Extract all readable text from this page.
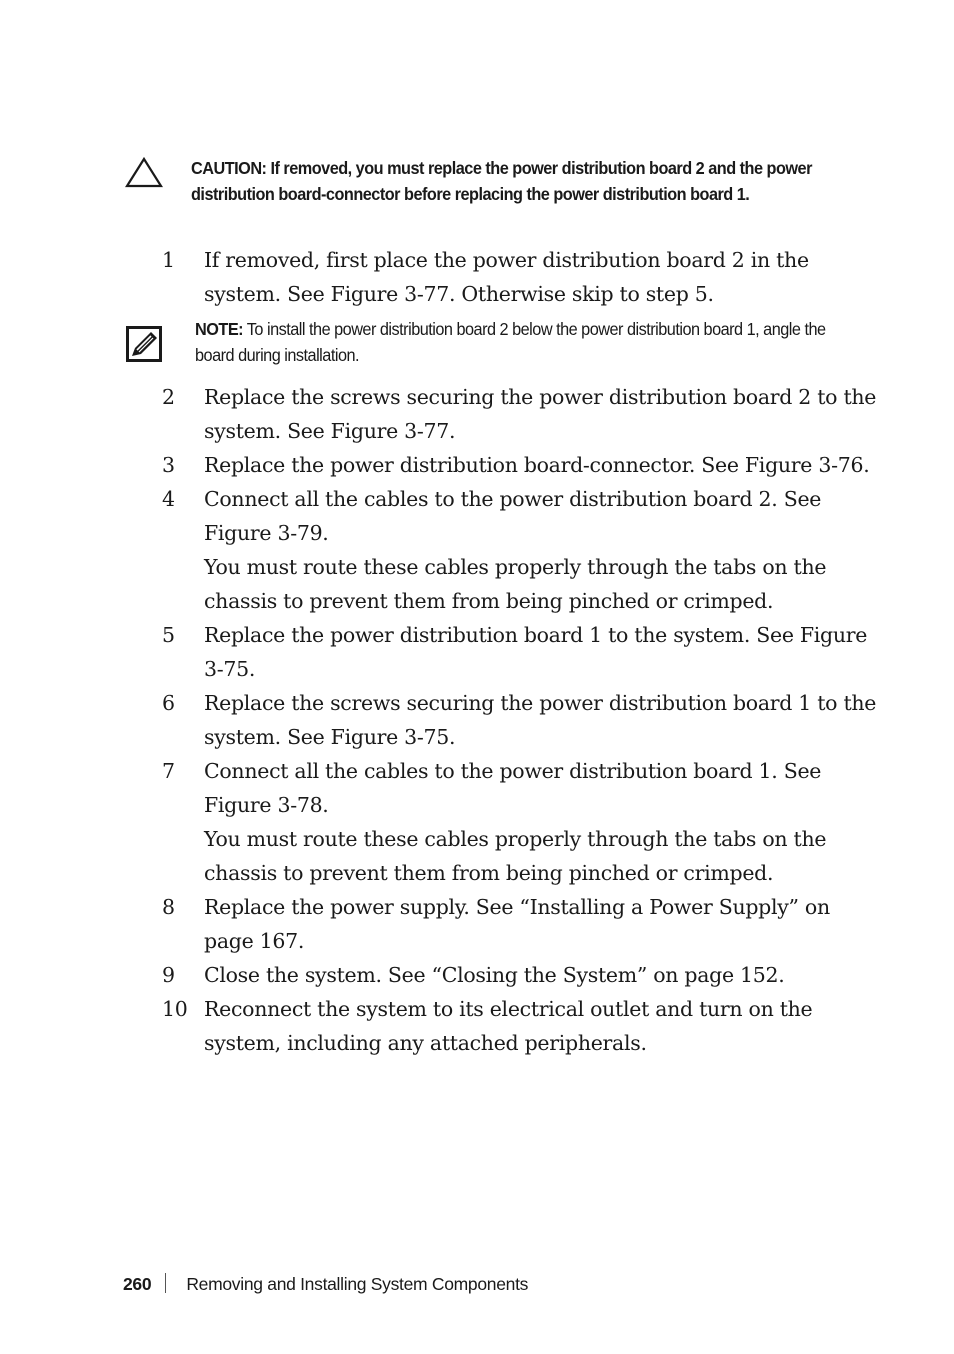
CAUTION: If removed, you must replace the power distribution board 2 and the power distribution board-connector before replacing the power distribution board 1.
1 If removed, first place the power distribution board 2 in the system. See Figure 3-77. Otherwise skip to step 5.
NOTE: To install the power distribution board 2 below the power distribution board 1, angle the board during installation.
2 Replace the screws securing the power distribution board 2 to the system. See Figure 3-77.
3 Replace the power distribution board-connector. See Figure 3-76.
4 Connect all the cables to the power distribution board 2. See Figure 3-79.
You must route these cables properly through the tabs on the chassis to prevent them from being pinched or crimped.
5 Replace the power distribution board 1 to the system. See Figure 3-75.
6 Replace the screws securing the power distribution board 1 to the system. See Figure 3-75.
7 Connect all the cables to the power distribution board 1. See Figure 3-78.
You must route these cables properly through the tabs on the chassis to prevent them from being pinched or crimped.
8 Replace the power supply. See “Installing a Power Supply” on page 167.
9 Close the system. See “Closing the System” on page 152.
10 Reconnect the system to its electrical outlet and turn on the system, including any attached peripherals.
260 Removing and Installing System Components
